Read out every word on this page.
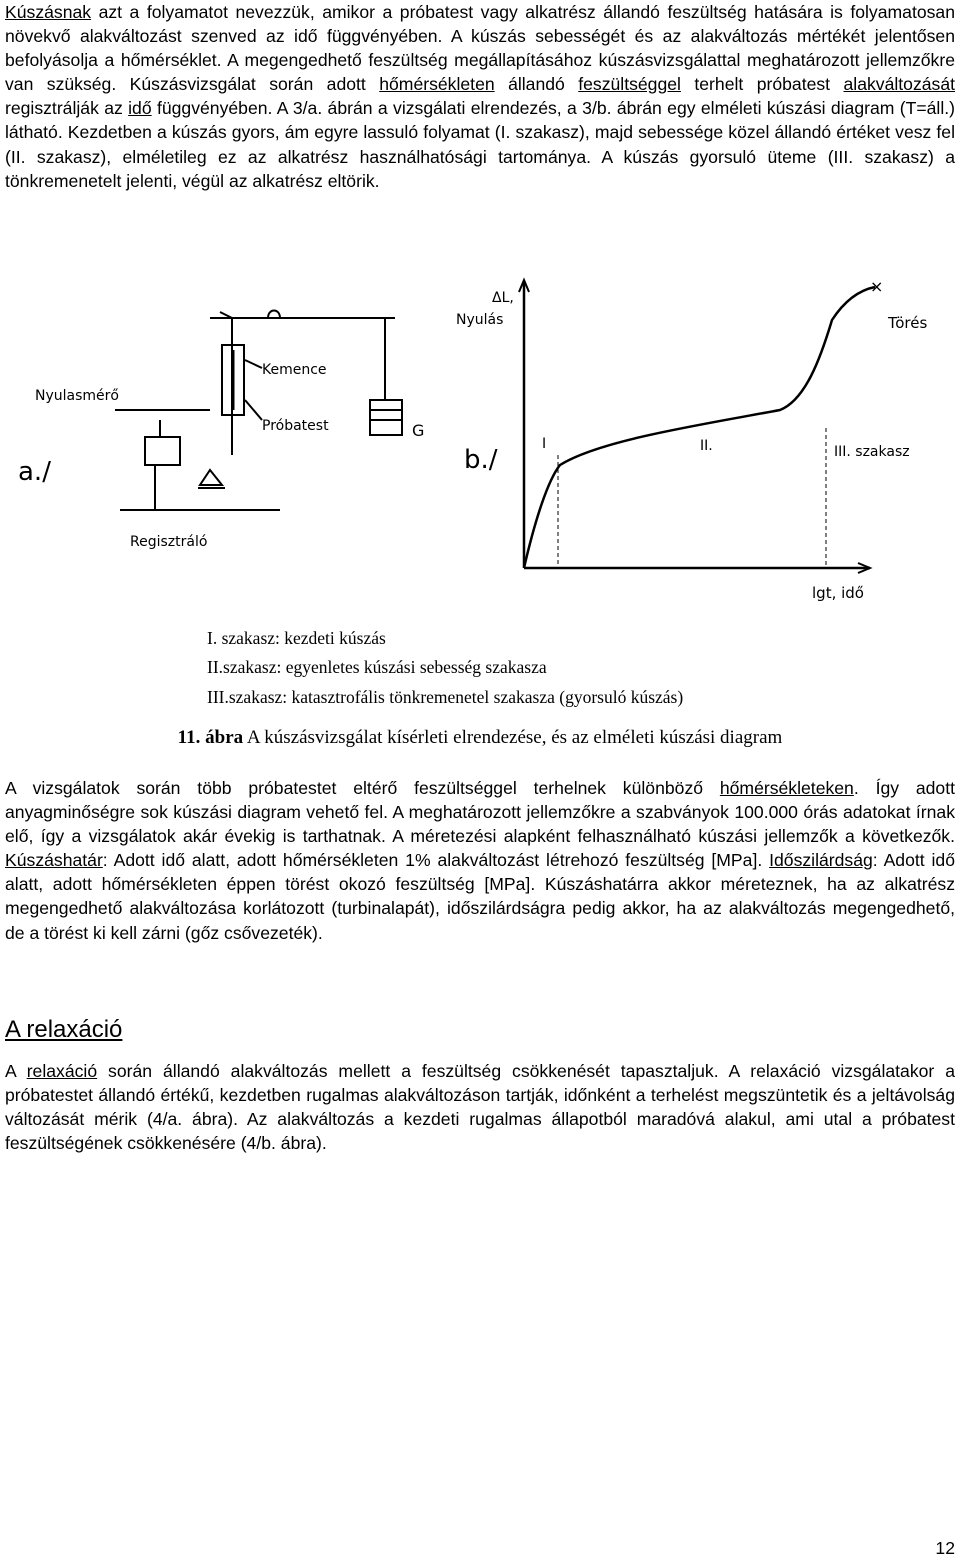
Kúszásnak azt a folyamatot nevezzük, amikor a próbatest vagy alkatrész állandó feszültség hatására is folyamatosan növekvő alakváltozást szenved az idő függvényében. A kúszás sebességét és az alakváltozás mértékét jelentősen befolyásolja a hőmérséklet. A megengedhető feszültség megállapításához kúszásvizsgálattal meghatározott jellemzőkre van szükség. Kúszásvizsgálat során adott hőmérsékleten állandó feszültséggel terhelt próbatest alakváltozását regisztrálják az idő függvényében. A 3/a. ábrán a vizsgálati elrendezés, a 3/b. ábrán egy elméleti kúszási diagram (T=áll.) látható. Kezdetben a kúszás gyors, ám egyre lassuló folyamat (I. szakasz), majd sebessége közel állandó értéket vesz fel (II. szakasz), elméletileg ez az alkatrész használhatósági tartománya. A kúszás gyorsuló üteme (III. szakasz) a tönkremenetelt jelenti, végül az alkatrész eltörik.

a./
Nyulasmérő
Kemence
Próbatest	G
Regisztráló
×
I	II.	III. szakasz
Törés
ΔL,
Nyulás
lgt, idő
b./
I. szakasz: kezdeti kúszás
II.szakasz: egyenletes kúszási sebesség szakasza
III.szakasz: katasztrofális tönkremenetel szakasza (gyorsuló kúszás)
11. ábra A kúszásvizsgálat kísérleti elrendezése, és az elméleti kúszási diagram

A vizsgálatok során több próbatestet eltérő feszültséggel terhelnek különböző hőmérsékleteken. Így adott anyagminőségre sok kúszási diagram vehető fel. A meghatározott jellemzőkre a szabványok 100.000 órás adatokat írnak elő, így a vizsgálatok akár évekig is tarthatnak. A méretezési alapként felhasználható kúszási jellemzők a következők. Kúszáshatár: Adott idő alatt, adott hőmérsékleten 1% alakváltozást létrehozó feszültség [MPa]. Időszilárdság: Adott idő alatt, adott hőmérsékleten éppen törést okozó feszültség [MPa]. Kúszáshatárra akkor méreteznek, ha az alkatrész megengedhető alakváltozása korlátozott (turbinalapát), időszilárdságra pedig akkor, ha az alakváltozás megengedhető, de a törést ki kell zárni (gőz csővezeték).

A relaxáció

A relaxáció során állandó alakváltozás mellett a feszültség csökkenését tapasztaljuk. A relaxáció vizsgálatakor a próbatestet állandó értékű, kezdetben rugalmas alakváltozáson tartják, időnként a terhelést megszüntetik és a jeltávolság változását mérik (4/a. ábra). Az alakváltozás a kezdeti rugalmas állapotból maradóvá alakul, ami utal a próbatest feszültségének csökkenésére (4/b. ábra).

12
